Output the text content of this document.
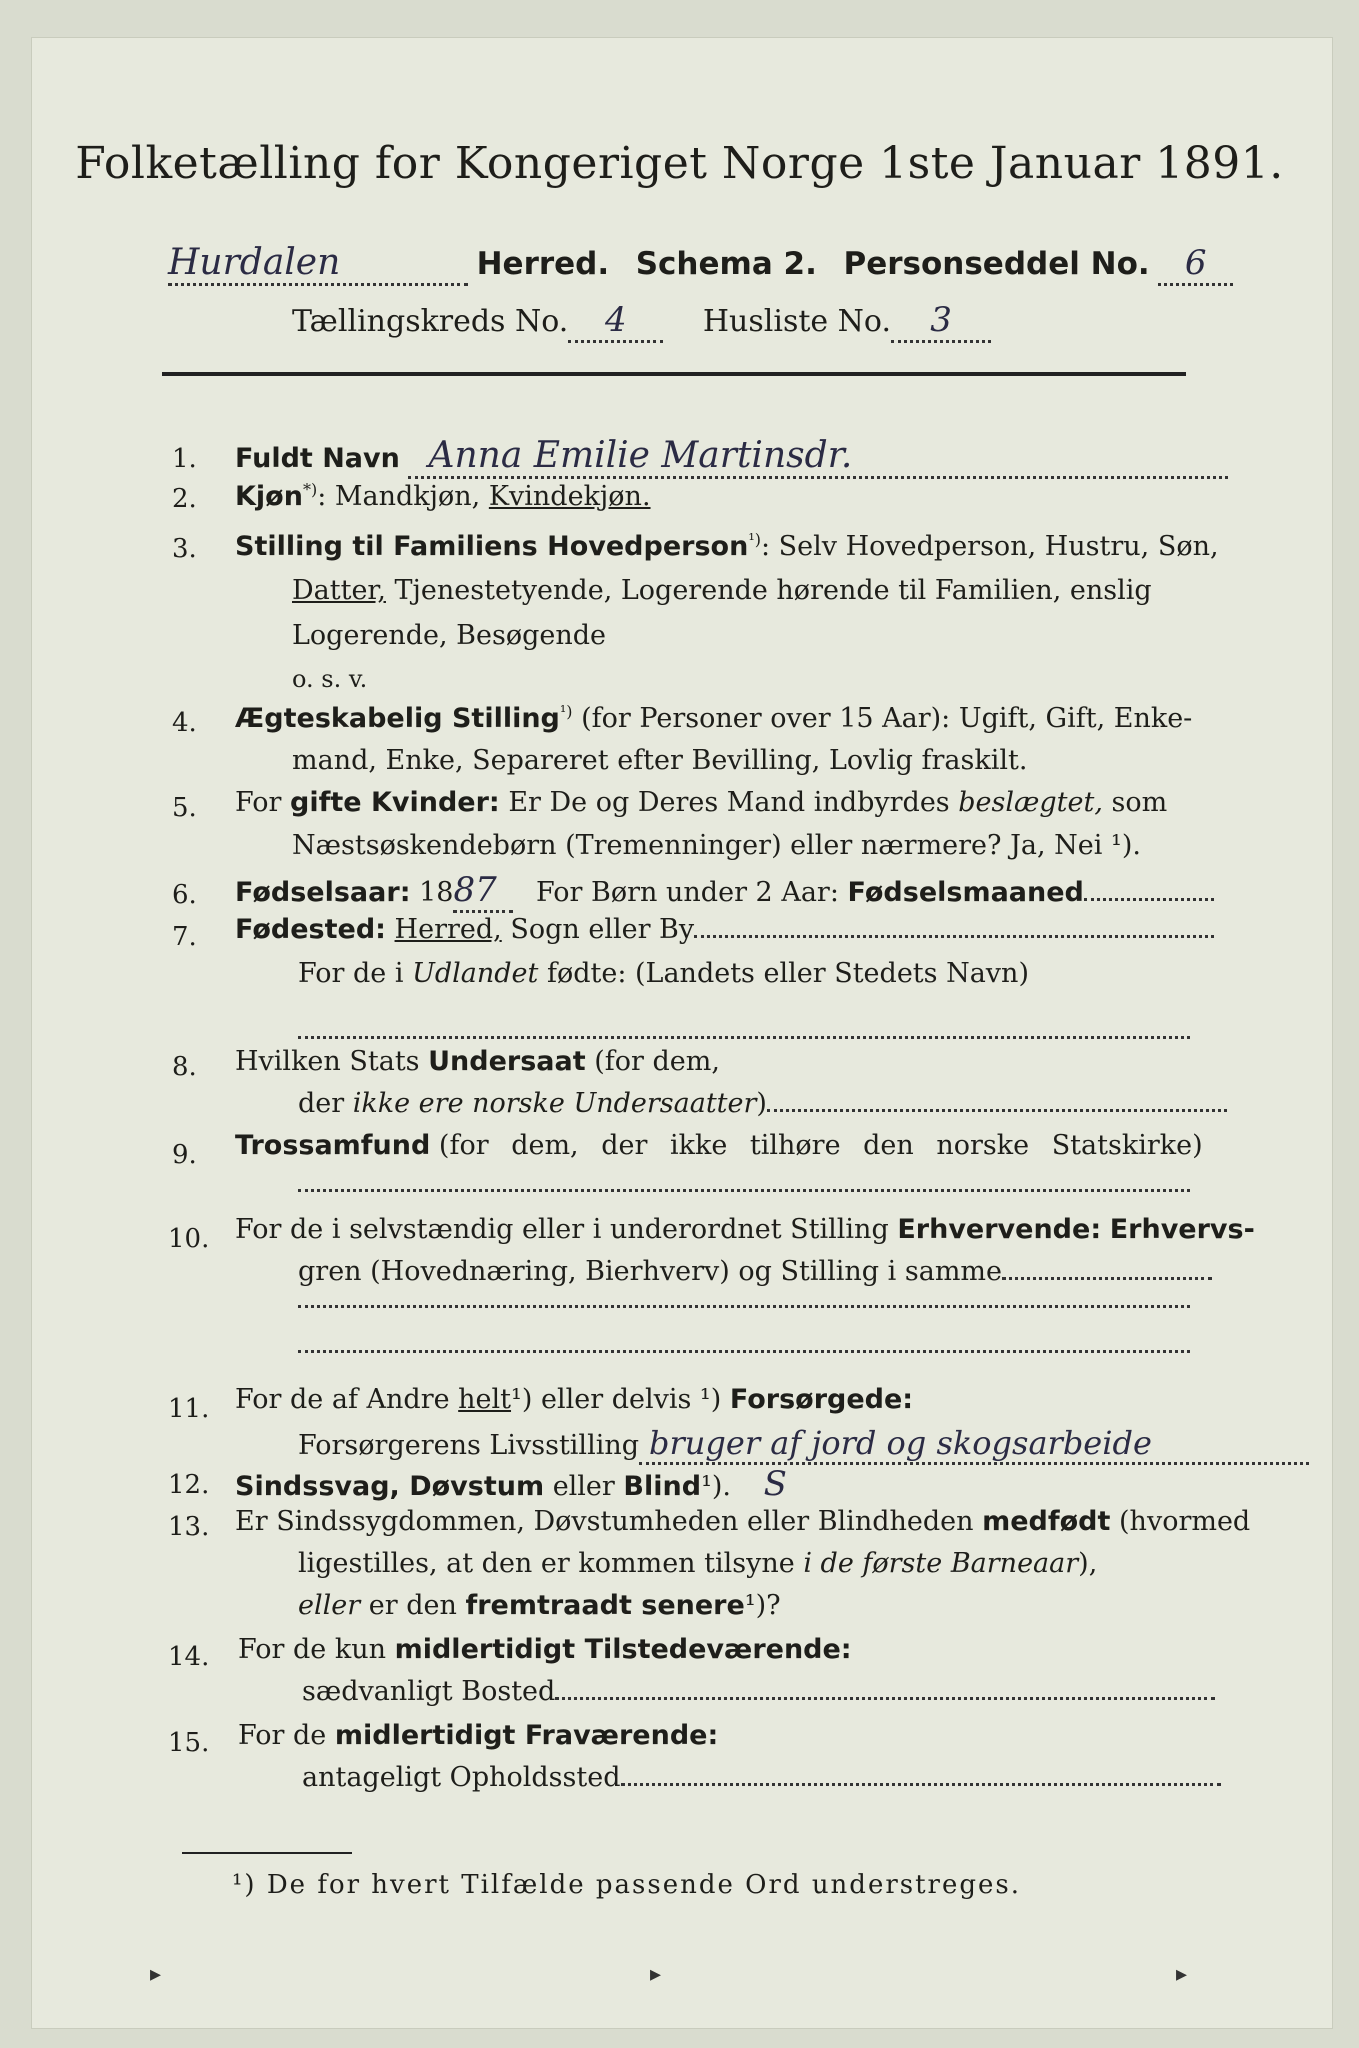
Folketælling for Kongeriget Norge 1ste Januar 1891.
Hurdalen	Herred. Schema 2. Personseddel No. 6
Tællingskreds No. 4	Husliste No. 3
1. Fuldt Navn Anna Emilie Martinsdr.
2. Kjøn*): Mandkjøn, Kvindekjøn.
3. Stilling til Familiens Hovedperson$^{^1)}$: Selv Hovedperson, Hustru, Søn,
Datter, Tjenestetyende, Logerende hørende til Familien, enslig
Logerende, Besøgende
o. s. v.
4. Ægteskabelig Stilling$^{^1)}$ (for Personer over 15 Aar): Ugift, Gift, Enke-
mand, Enke, Separeret efter Bevilling, Lovlig fraskilt.
5. For gifte Kvinder: Er De og Deres Mand indbyrdes beslægtet, som
Næstsøskendebørn (Tremenninger) eller nærmere? Ja, Nei ¹).
6. Fødselsaar: 1887 For Børn under 2 Aar: Fødselsmaaned
7. Fødested: Herred, Sogn eller By
For de i Udlandet fødte: (Landets eller Stedets Navn)
8. Hvilken Stats Undersaat (for dem,
der ikke ere norske Undersaatter)
9. Trossamfund (for dem, der ikke tilhøre den norske Statskirke)
10. For de i selvstændig eller i underordnet Stilling Erhvervende: Erhvervs-
gren (Hovednæring, Bierhverv) og Stilling i samme
11. For de af Andre helt¹) eller delvis ¹) Forsørgede:
Forsørgerens Livsstilling bruger af jord og skogsarbeide
12. Sindssvag, Døvstum eller Blind¹). S
13. Er Sindssygdommen, Døvstumheden eller Blindheden medfødt (hvormed
ligestilles, at den er kommen tilsyne i de første Barneaar),
eller er den fremtraadt senere¹)?
14. For de kun midlertidigt Tilstedeværende:
sædvanligt Bosted
15. For de midlertidigt Fraværende:
antageligt Opholdssted
¹) De for hvert Tilfælde passende Ord understreges.
▸	▸	▸
